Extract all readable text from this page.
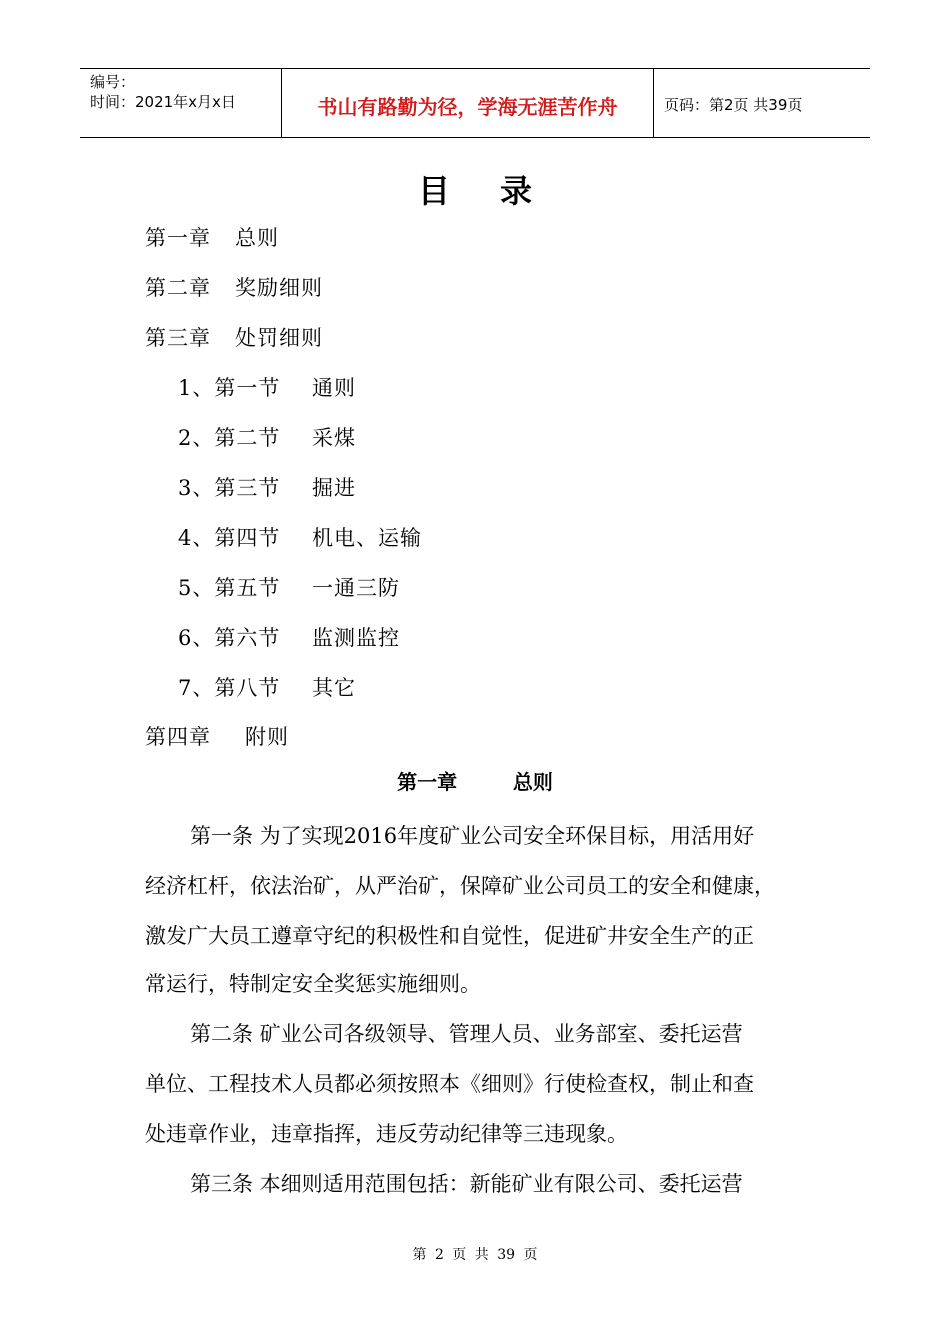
编号：
时间：2021年x月x日	书山有路勤为径，学海无涯苦作舟	页码：第2页 共39页
目录
第一章 总则
第二章 奖励细则
第三章 处罚细则
1、第一节 通则
2、第二节 采煤
3、第三节 掘进
4、第四节 机电、运输
5、第五节 一通三防
6、第六节 监测监控
7、第八节 其它
第四章 附则
第一章        总则
第一条 为了实现2016年度矿业公司安全环保目标，用活用好
经济杠杆，依法治矿，从严治矿，保障矿业公司员工的安全和健康，
激发广大员工遵章守纪的积极性和自觉性，促进矿井安全生产的正
常运行，特制定安全奖惩实施细则。
第二条 矿业公司各级领导、管理人员、业务部室、委托运营
单位、工程技术人员都必须按照本《细则》行使检查权，制止和查
处违章作业，违章指挥，违反劳动纪律等三违现象。
第三条 本细则适用范围包括：新能矿业有限公司、委托运营
第 2 页 共 39 页
